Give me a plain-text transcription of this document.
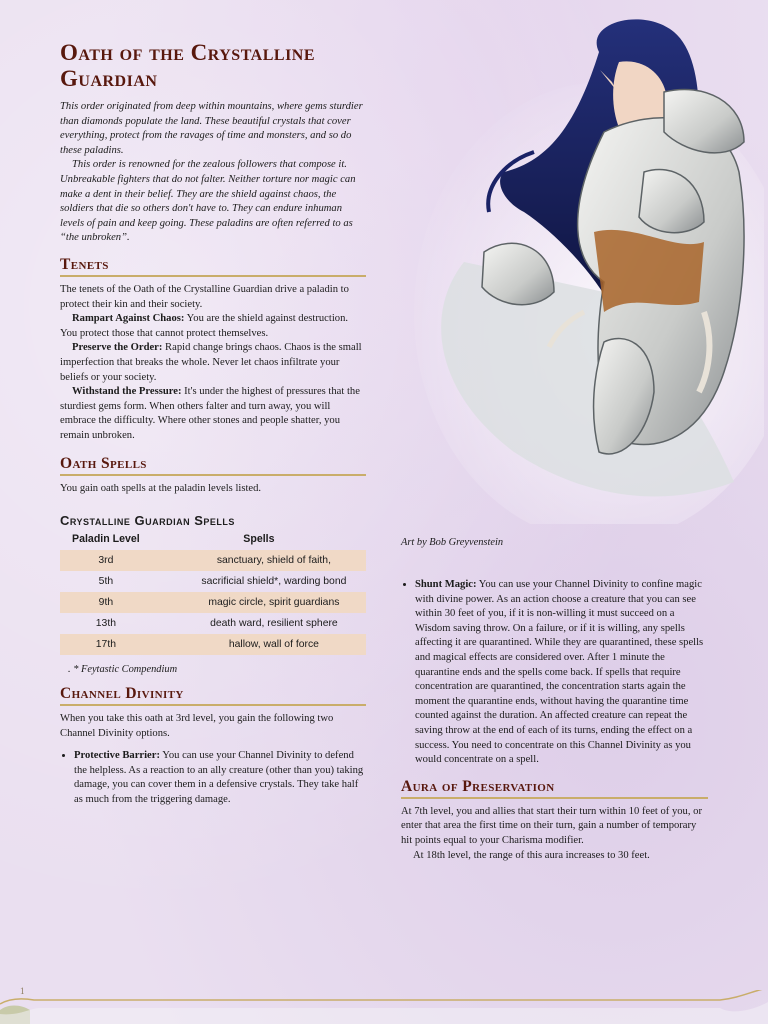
Oath of the Crystalline Guardian

This order originated from deep within mountains, where gems sturdier than diamonds populate the land. These beautiful crystals that cover everything, protect from the ravages of time and monsters, and so do these paladins.

This order is renowned for the zealous followers that compose it. Unbreakable fighters that do not falter. Neither torture nor magic can make a dent in their belief. They are the shield against chaos, the soldiers that die so others don't have to. They can endure inhuman levels of pain and keep going. These paladins are often referred to as “the unbroken”.

Tenets

The tenets of the Oath of the Crystalline Guardian drive a paladin to protect their kin and their society.

Rampart Against Chaos: You are the shield against destruction. You protect those that cannot protect themselves.

Preserve the Order: Rapid change brings chaos. Chaos is the small imperfection that breaks the whole. Never let chaos infiltrate your beliefs or your society.

Withstand the Pressure: It's under the highest of pressures that the sturdiest gems form. When others falter and turn away, you will embrace the difficulty. Where other stones and people shatter, you remain unbroken.

Oath Spells

You gain oath spells at the paladin levels listed.

Crystalline Guardian Spells
Paladin Level	Spells
3rd	sanctuary, shield of faith,
5th	sacrificial shield*, warding bond
9th	magic circle, spirit guardians
13th	death ward, resilient sphere
17th	hallow, wall of force
. * Feytastic Compendium
Channel Divinity

When you take this oath at 3rd level, you gain the following two Channel Divinity options.

• Protective Barrier: You can use your Channel Divinity to defend the helpless. As a reaction to an ally creature (other than you) taking damage, you can cover them in a defensive crystals. They take half as much from the triggering damage.
Art by Bob Greyvenstein
• Shunt Magic: You can use your Channel Divinity to confine magic with divine power. As an action choose a creature that you can see within 30 feet of you, if it is non-willing it must succeed on a Wisdom saving throw. On a failure, or if it is willing, any spells affecting it are quarantined. While they are quarantined, these spells and magical effects are considered over. After 1 minute the quarantine ends and the spells come back. If spells that require concentration are quarantined, the concentration starts again the moment the quarantine ends, without having the quarantine time counted against the duration. An affected creature can repeat the saving throw at the end of each of its turns, ending the effect on a success. You need to concentrate on this Channel Divinity as you would concentrate on a spell.
Aura of Preservation

At 7th level, you and allies that start their turn within 10 feet of you, or enter that area the first time on their turn, gain a number of temporary hit points equal to your Charisma modifier.

At 18th level, the range of this aura increases to 30 feet.

1
